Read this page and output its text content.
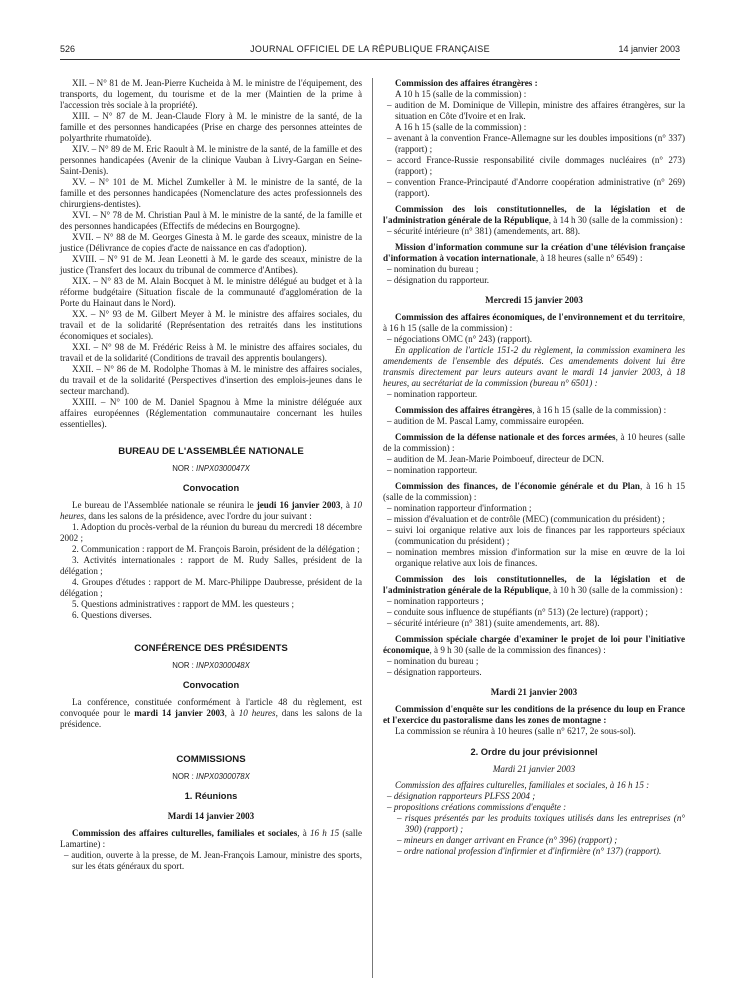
526	JOURNAL OFFICIEL DE LA RÉPUBLIQUE FRANÇAISE	14 janvier 2003

XII. – N° 81 de M. Jean-Pierre Kucheida à M. le ministre de l'équipement, des transports, du logement, du tourisme et de la mer (Maintien de la prime à l'accession très sociale à la propriété).

XIII. – N° 87 de M. Jean-Claude Flory à M. le ministre de la santé, de la famille et des personnes handicapées (Prise en charge des personnes atteintes de polyarthrite rhumatoïde).

XIV. – N° 89 de M. Eric Raoult à M. le ministre de la santé, de la famille et des personnes handicapées (Avenir de la clinique Vauban à Livry-Gargan en Seine-Saint-Denis).

XV. – N° 101 de M. Michel Zumkeller à M. le ministre de la santé, de la famille et des personnes handicapées (Nomenclature des actes professionnels des chirurgiens-dentistes).

XVI. – N° 78 de M. Christian Paul à M. le ministre de la santé, de la famille et des personnes handicapées (Effectifs de médecins en Bourgogne).

XVII. – N° 88 de M. Georges Ginesta à M. le garde des sceaux, ministre de la justice (Délivrance de copies d'acte de naissance en cas d'adoption).

XVIII. – N° 91 de M. Jean Leonetti à M. le garde des sceaux, ministre de la justice (Transfert des locaux du tribunal de commerce d'Antibes).

XIX. – N° 83 de M. Alain Bocquet à M. le ministre délégué au budget et à la réforme budgétaire (Situation fiscale de la communauté d'agglomération de la Porte du Hainaut dans le Nord).

XX. – N° 93 de M. Gilbert Meyer à M. le ministre des affaires sociales, du travail et de la solidarité (Représentation des retraités dans les institutions économiques et sociales).

XXI. – N° 98 de M. Frédéric Reiss à M. le ministre des affaires sociales, du travail et de la solidarité (Conditions de travail des apprentis boulangers).

XXII. – N° 86 de M. Rodolphe Thomas à M. le ministre des affaires sociales, du travail et de la solidarité (Perspectives d'insertion des emplois-jeunes dans le secteur marchand).

XXIII. – N° 100 de M. Daniel Spagnou à Mme la ministre déléguée aux affaires européennes (Réglementation communautaire concernant les huiles essentielles).

BUREAU DE L'ASSEMBLÉE NATIONALE
NOR : INPX0300047X
Convocation

Le bureau de l'Assemblée nationale se réunira le jeudi 16 janvier 2003, à 10 heures, dans les salons de la présidence, avec l'ordre du jour suivant :

1. Adoption du procès-verbal de la réunion du bureau du mercredi 18 décembre 2002 ;

2. Communication : rapport de M. François Baroin, président de la délégation ;

3. Activités internationales : rapport de M. Rudy Salles, président de la délégation ;

4. Groupes d'études : rapport de M. Marc-Philippe Daubresse, président de la délégation ;

5. Questions administratives : rapport de MM. les questeurs ;

6. Questions diverses.

CONFÉRENCE DES PRÉSIDENTS
NOR : INPX0300048X
Convocation

La conférence, constituée conformément à l'article 48 du règlement, est convoquée pour le mardi 14 janvier 2003, à 10 heures, dans les salons de la présidence.

COMMISSIONS
NOR : INPX0300078X
1. Réunions
Mardi 14 janvier 2003

Commission des affaires culturelles, familiales et sociales, à 16 h 15 (salle Lamartine) :

– audition, ouverte à la presse, de M. Jean-François Lamour, ministre des sports, sur les états généraux du sport.

Commission des affaires étrangères :

A 10 h 15 (salle de la commission) :

– audition de M. Dominique de Villepin, ministre des affaires étrangères, sur la situation en Côte d'Ivoire et en Irak.

A 16 h 15 (salle de la commission) :

– avenant à la convention France-Allemagne sur les doubles impositions (n° 337) (rapport) ;

– accord France-Russie responsabilité civile dommages nucléaires (n° 273) (rapport) ;

– convention France-Principauté d'Andorre coopération administrative (n° 269) (rapport).

Commission des lois constitutionnelles, de la législation et de l'administration générale de la République, à 14 h 30 (salle de la commission) :

– sécurité intérieure (n° 381) (amendements, art. 88).

Mission d'information commune sur la création d'une télévision française d'information à vocation internationale, à 18 heures (salle n° 6549) :

– nomination du bureau ;

– désignation du rapporteur.

Mercredi 15 janvier 2003

Commission des affaires économiques, de l'environnement et du territoire, à 16 h 15 (salle de la commission) :

– négociations OMC (n° 243) (rapport).

En application de l'article 151-2 du règlement, la commission examinera les amendements de l'ensemble des députés. Ces amendements doivent lui être transmis directement par leurs auteurs avant le mardi 14 janvier 2003, à 18 heures, au secrétariat de la commission (bureau n° 6501) :

– nomination rapporteur.

Commission des affaires étrangères, à 16 h 15 (salle de la commission) :

– audition de M. Pascal Lamy, commissaire européen.

Commission de la défense nationale et des forces armées, à 10 heures (salle de la commission) :

– audition de M. Jean-Marie Poimboeuf, directeur de DCN.

– nomination rapporteur.

Commission des finances, de l'économie générale et du Plan, à 16 h 15 (salle de la commission) :

– nomination rapporteur d'information ;

– mission d'évaluation et de contrôle (MEC) (communication du président) ;

– suivi loi organique relative aux lois de finances par les rapporteurs spéciaux (communication du président) ;

– nomination membres mission d'information sur la mise en œuvre de la loi organique relative aux lois de finances.

Commission des lois constitutionnelles, de la législation et de l'administration générale de la République, à 10 h 30 (salle de la commission) :

– nomination rapporteurs ;

– conduite sous influence de stupéfiants (n° 513) (2e lecture) (rapport) ;

– sécurité intérieure (n° 381) (suite amendements, art. 88).

Commission spéciale chargée d'examiner le projet de loi pour l'initiative économique, à 9 h 30 (salle de la commission des finances) :

– nomination du bureau ;

– désignation rapporteurs.

Mardi 21 janvier 2003

Commission d'enquête sur les conditions de la présence du loup en France et l'exercice du pastoralisme dans les zones de montagne :

La commission se réunira à 10 heures (salle n° 6217, 2e sous-sol).

2. Ordre du jour prévisionnel
Mardi 21 janvier 2003

Commission des affaires culturelles, familiales et sociales, à 16 h 15 :

– désignation rapporteurs PLFSS 2004 ;

– propositions créations commissions d'enquête :

– risques présentés par les produits toxiques utilisés dans les entreprises (n° 390) (rapport) ;

– mineurs en danger arrivant en France (n° 396) (rapport) ;

– ordre national profession d'infirmier et d'infirmière (n° 137) (rapport).
